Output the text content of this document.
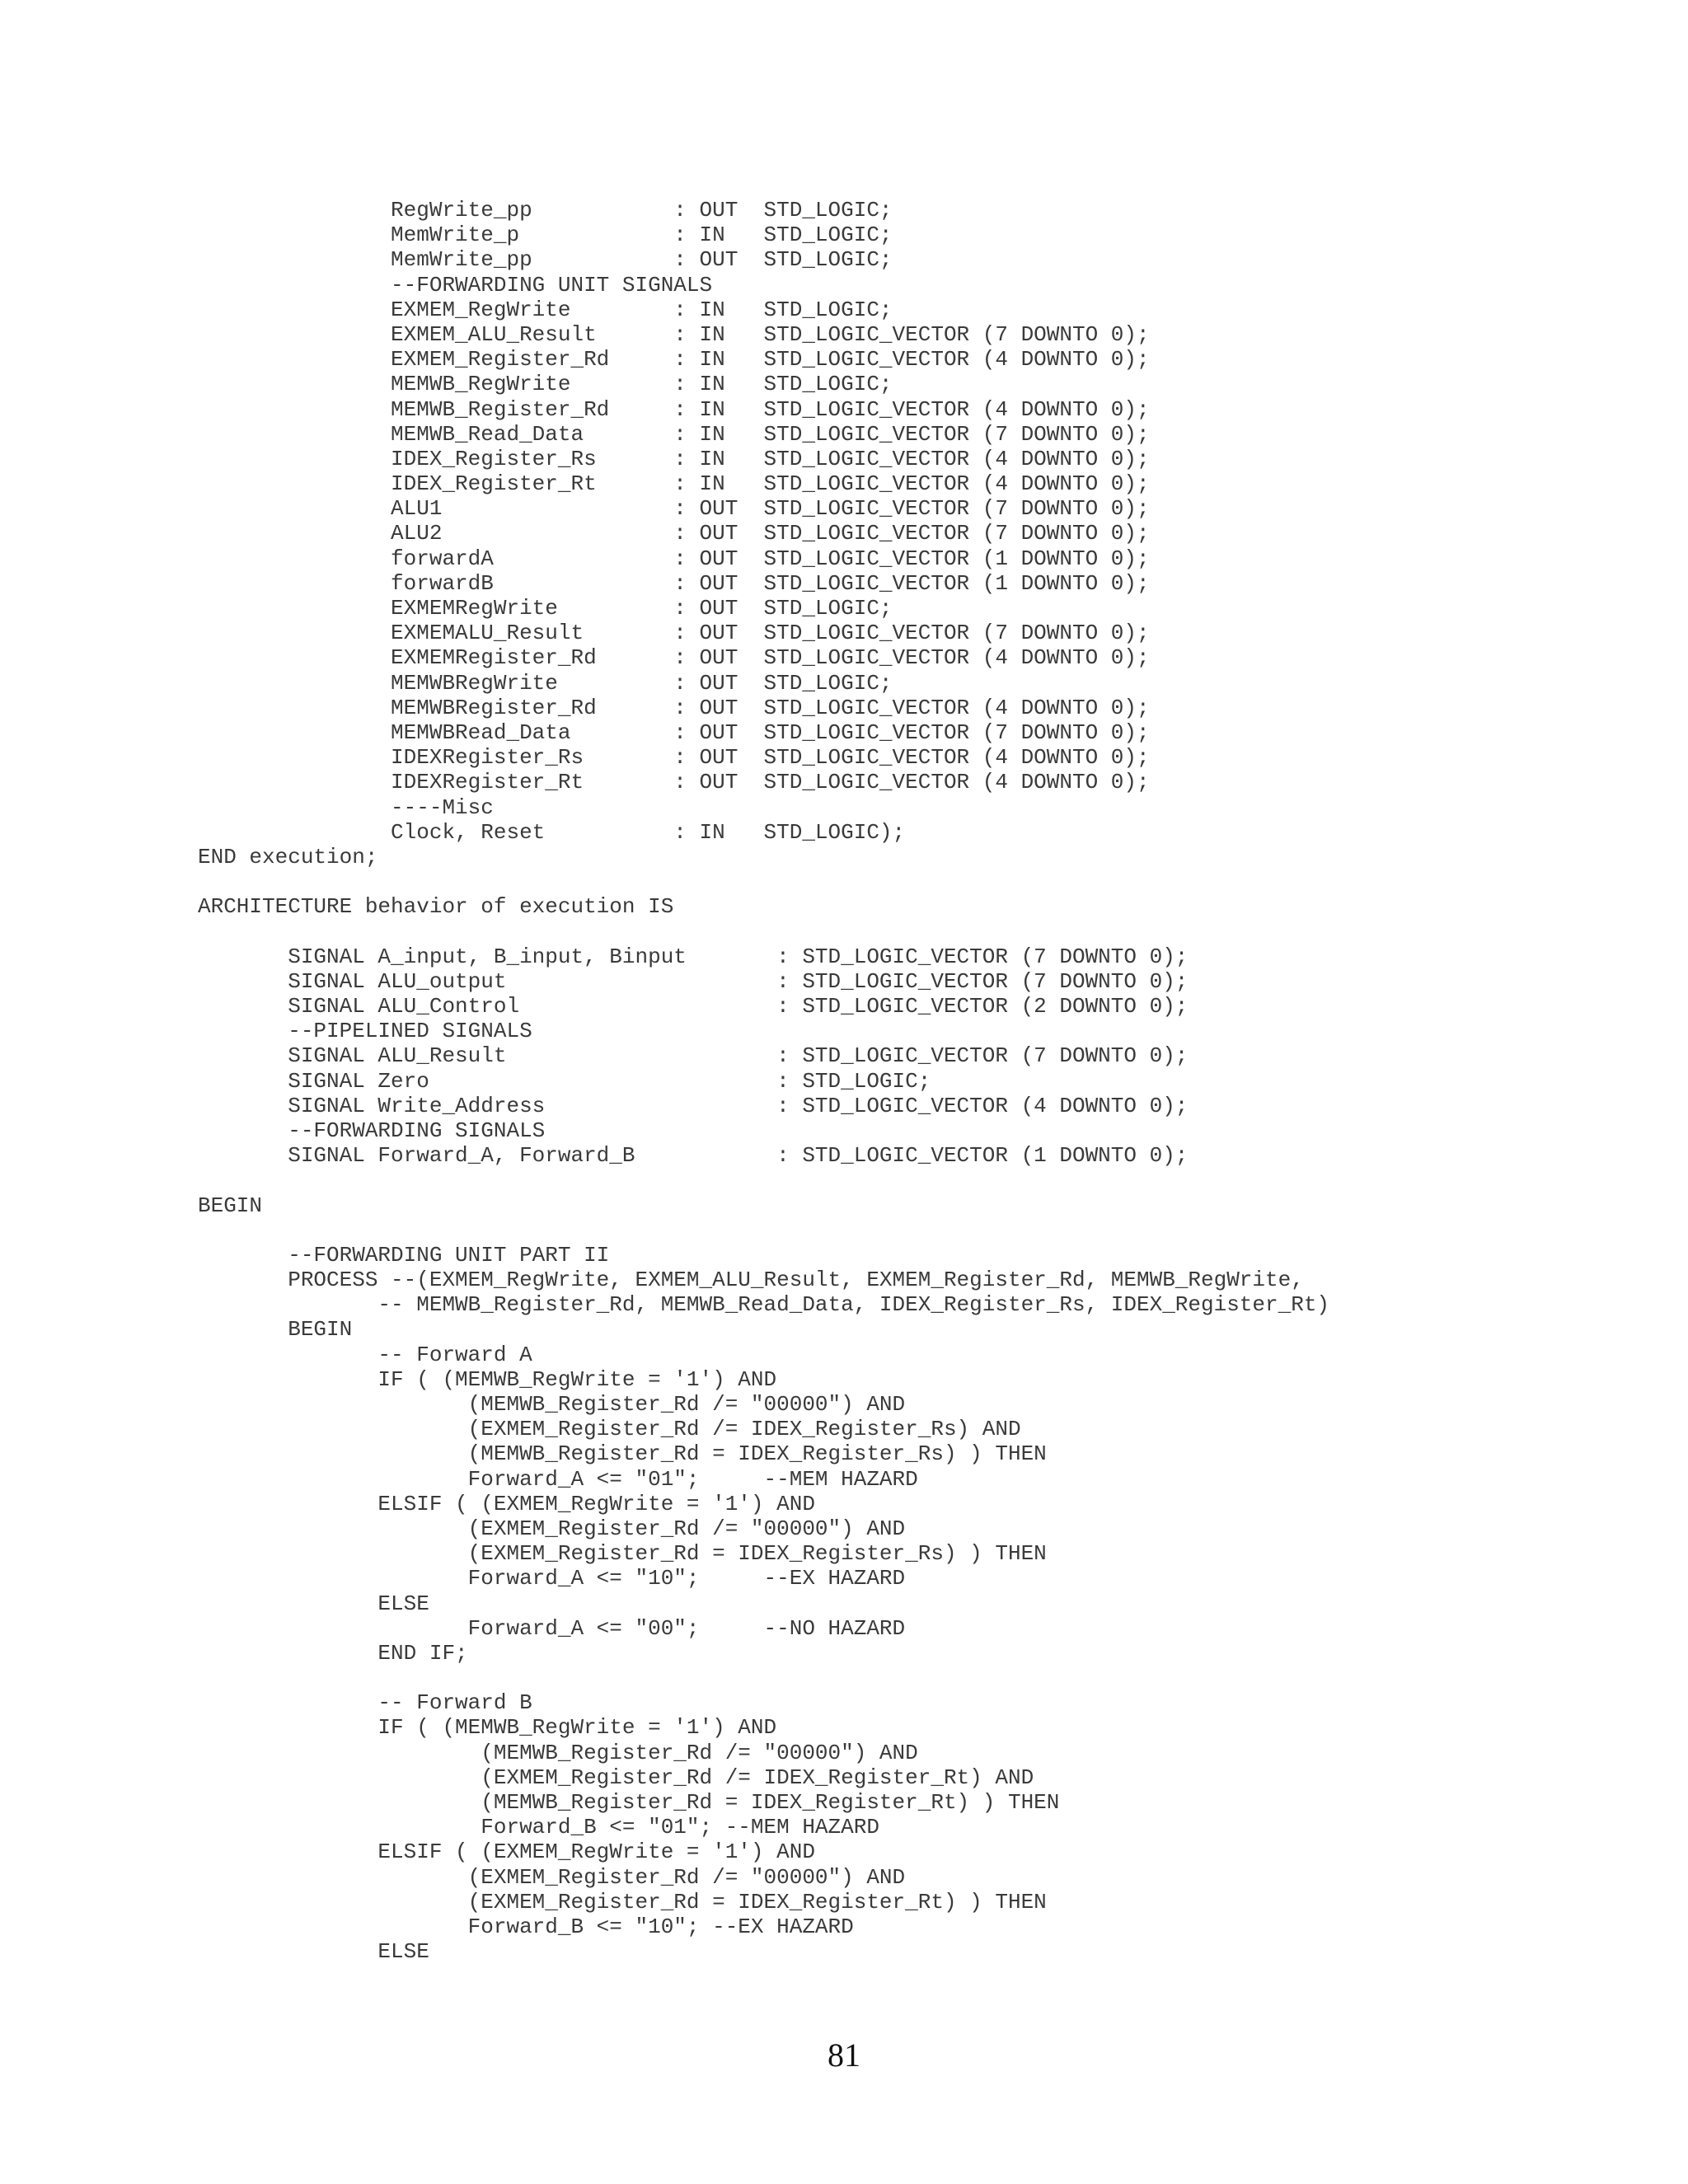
RegWrite_pp           : OUT  STD_LOGIC;
MemWrite_p            : IN   STD_LOGIC;
MemWrite_pp           : OUT  STD_LOGIC;
--FORWARDING UNIT SIGNALS
EXMEM_RegWrite        : IN   STD_LOGIC;
EXMEM_ALU_Result      : IN   STD_LOGIC_VECTOR (7 DOWNTO 0);
EXMEM_Register_Rd     : IN   STD_LOGIC_VECTOR (4 DOWNTO 0);
MEMWB_RegWrite        : IN   STD_LOGIC;
MEMWB_Register_Rd     : IN   STD_LOGIC_VECTOR (4 DOWNTO 0);
MEMWB_Read_Data       : IN   STD_LOGIC_VECTOR (7 DOWNTO 0);
IDEX_Register_Rs      : IN   STD_LOGIC_VECTOR (4 DOWNTO 0);
IDEX_Register_Rt      : IN   STD_LOGIC_VECTOR (4 DOWNTO 0);
ALU1                  : OUT  STD_LOGIC_VECTOR (7 DOWNTO 0);
ALU2                  : OUT  STD_LOGIC_VECTOR (7 DOWNTO 0);
forwardA              : OUT  STD_LOGIC_VECTOR (1 DOWNTO 0);
forwardB              : OUT  STD_LOGIC_VECTOR (1 DOWNTO 0);
EXMEMRegWrite         : OUT  STD_LOGIC;
EXMEMALU_Result       : OUT  STD_LOGIC_VECTOR (7 DOWNTO 0);
EXMEMRegister_Rd      : OUT  STD_LOGIC_VECTOR (4 DOWNTO 0);
MEMWBRegWrite         : OUT  STD_LOGIC;
MEMWBRegister_Rd      : OUT  STD_LOGIC_VECTOR (4 DOWNTO 0);
MEMWBRead_Data        : OUT  STD_LOGIC_VECTOR (7 DOWNTO 0);
IDEXRegister_Rs       : OUT  STD_LOGIC_VECTOR (4 DOWNTO 0);
IDEXRegister_Rt       : OUT  STD_LOGIC_VECTOR (4 DOWNTO 0);
----Misc
Clock, Reset          : IN   STD_LOGIC);
END execution;

ARCHITECTURE behavior of execution IS

SIGNAL A_input, B_input, Binput       : STD_LOGIC_VECTOR (7 DOWNTO 0);
SIGNAL ALU_output                     : STD_LOGIC_VECTOR (7 DOWNTO 0);
SIGNAL ALU_Control                    : STD_LOGIC_VECTOR (2 DOWNTO 0);
--PIPELINED SIGNALS
SIGNAL ALU_Result                     : STD_LOGIC_VECTOR (7 DOWNTO 0);
SIGNAL Zero                           : STD_LOGIC;
SIGNAL Write_Address                  : STD_LOGIC_VECTOR (4 DOWNTO 0);
--FORWARDING SIGNALS
SIGNAL Forward_A, Forward_B           : STD_LOGIC_VECTOR (1 DOWNTO 0);

BEGIN

--FORWARDING UNIT PART II
PROCESS --(EXMEM_RegWrite, EXMEM_ALU_Result, EXMEM_Register_Rd, MEMWB_RegWrite,
-- MEMWB_Register_Rd, MEMWB_Read_Data, IDEX_Register_Rs, IDEX_Register_Rt)
BEGIN
-- Forward A
IF ( (MEMWB_RegWrite = '1') AND
(MEMWB_Register_Rd /= "00000") AND
(EXMEM_Register_Rd /= IDEX_Register_Rs) AND
(MEMWB_Register_Rd = IDEX_Register_Rs) ) THEN
Forward_A <= "01";     --MEM HAZARD
ELSIF ( (EXMEM_RegWrite = '1') AND
(EXMEM_Register_Rd /= "00000") AND
(EXMEM_Register_Rd = IDEX_Register_Rs) ) THEN
Forward_A <= "10";     --EX HAZARD
ELSE
Forward_A <= "00";     --NO HAZARD
END IF;

-- Forward B
IF ( (MEMWB_RegWrite = '1') AND
(MEMWB_Register_Rd /= "00000") AND
(EXMEM_Register_Rd /= IDEX_Register_Rt) AND
(MEMWB_Register_Rd = IDEX_Register_Rt) ) THEN
Forward_B <= "01"; --MEM HAZARD
ELSIF ( (EXMEM_RegWrite = '1') AND
(EXMEM_Register_Rd /= "00000") AND
(EXMEM_Register_Rd = IDEX_Register_Rt) ) THEN
Forward_B <= "10"; --EX HAZARD
ELSE
81
